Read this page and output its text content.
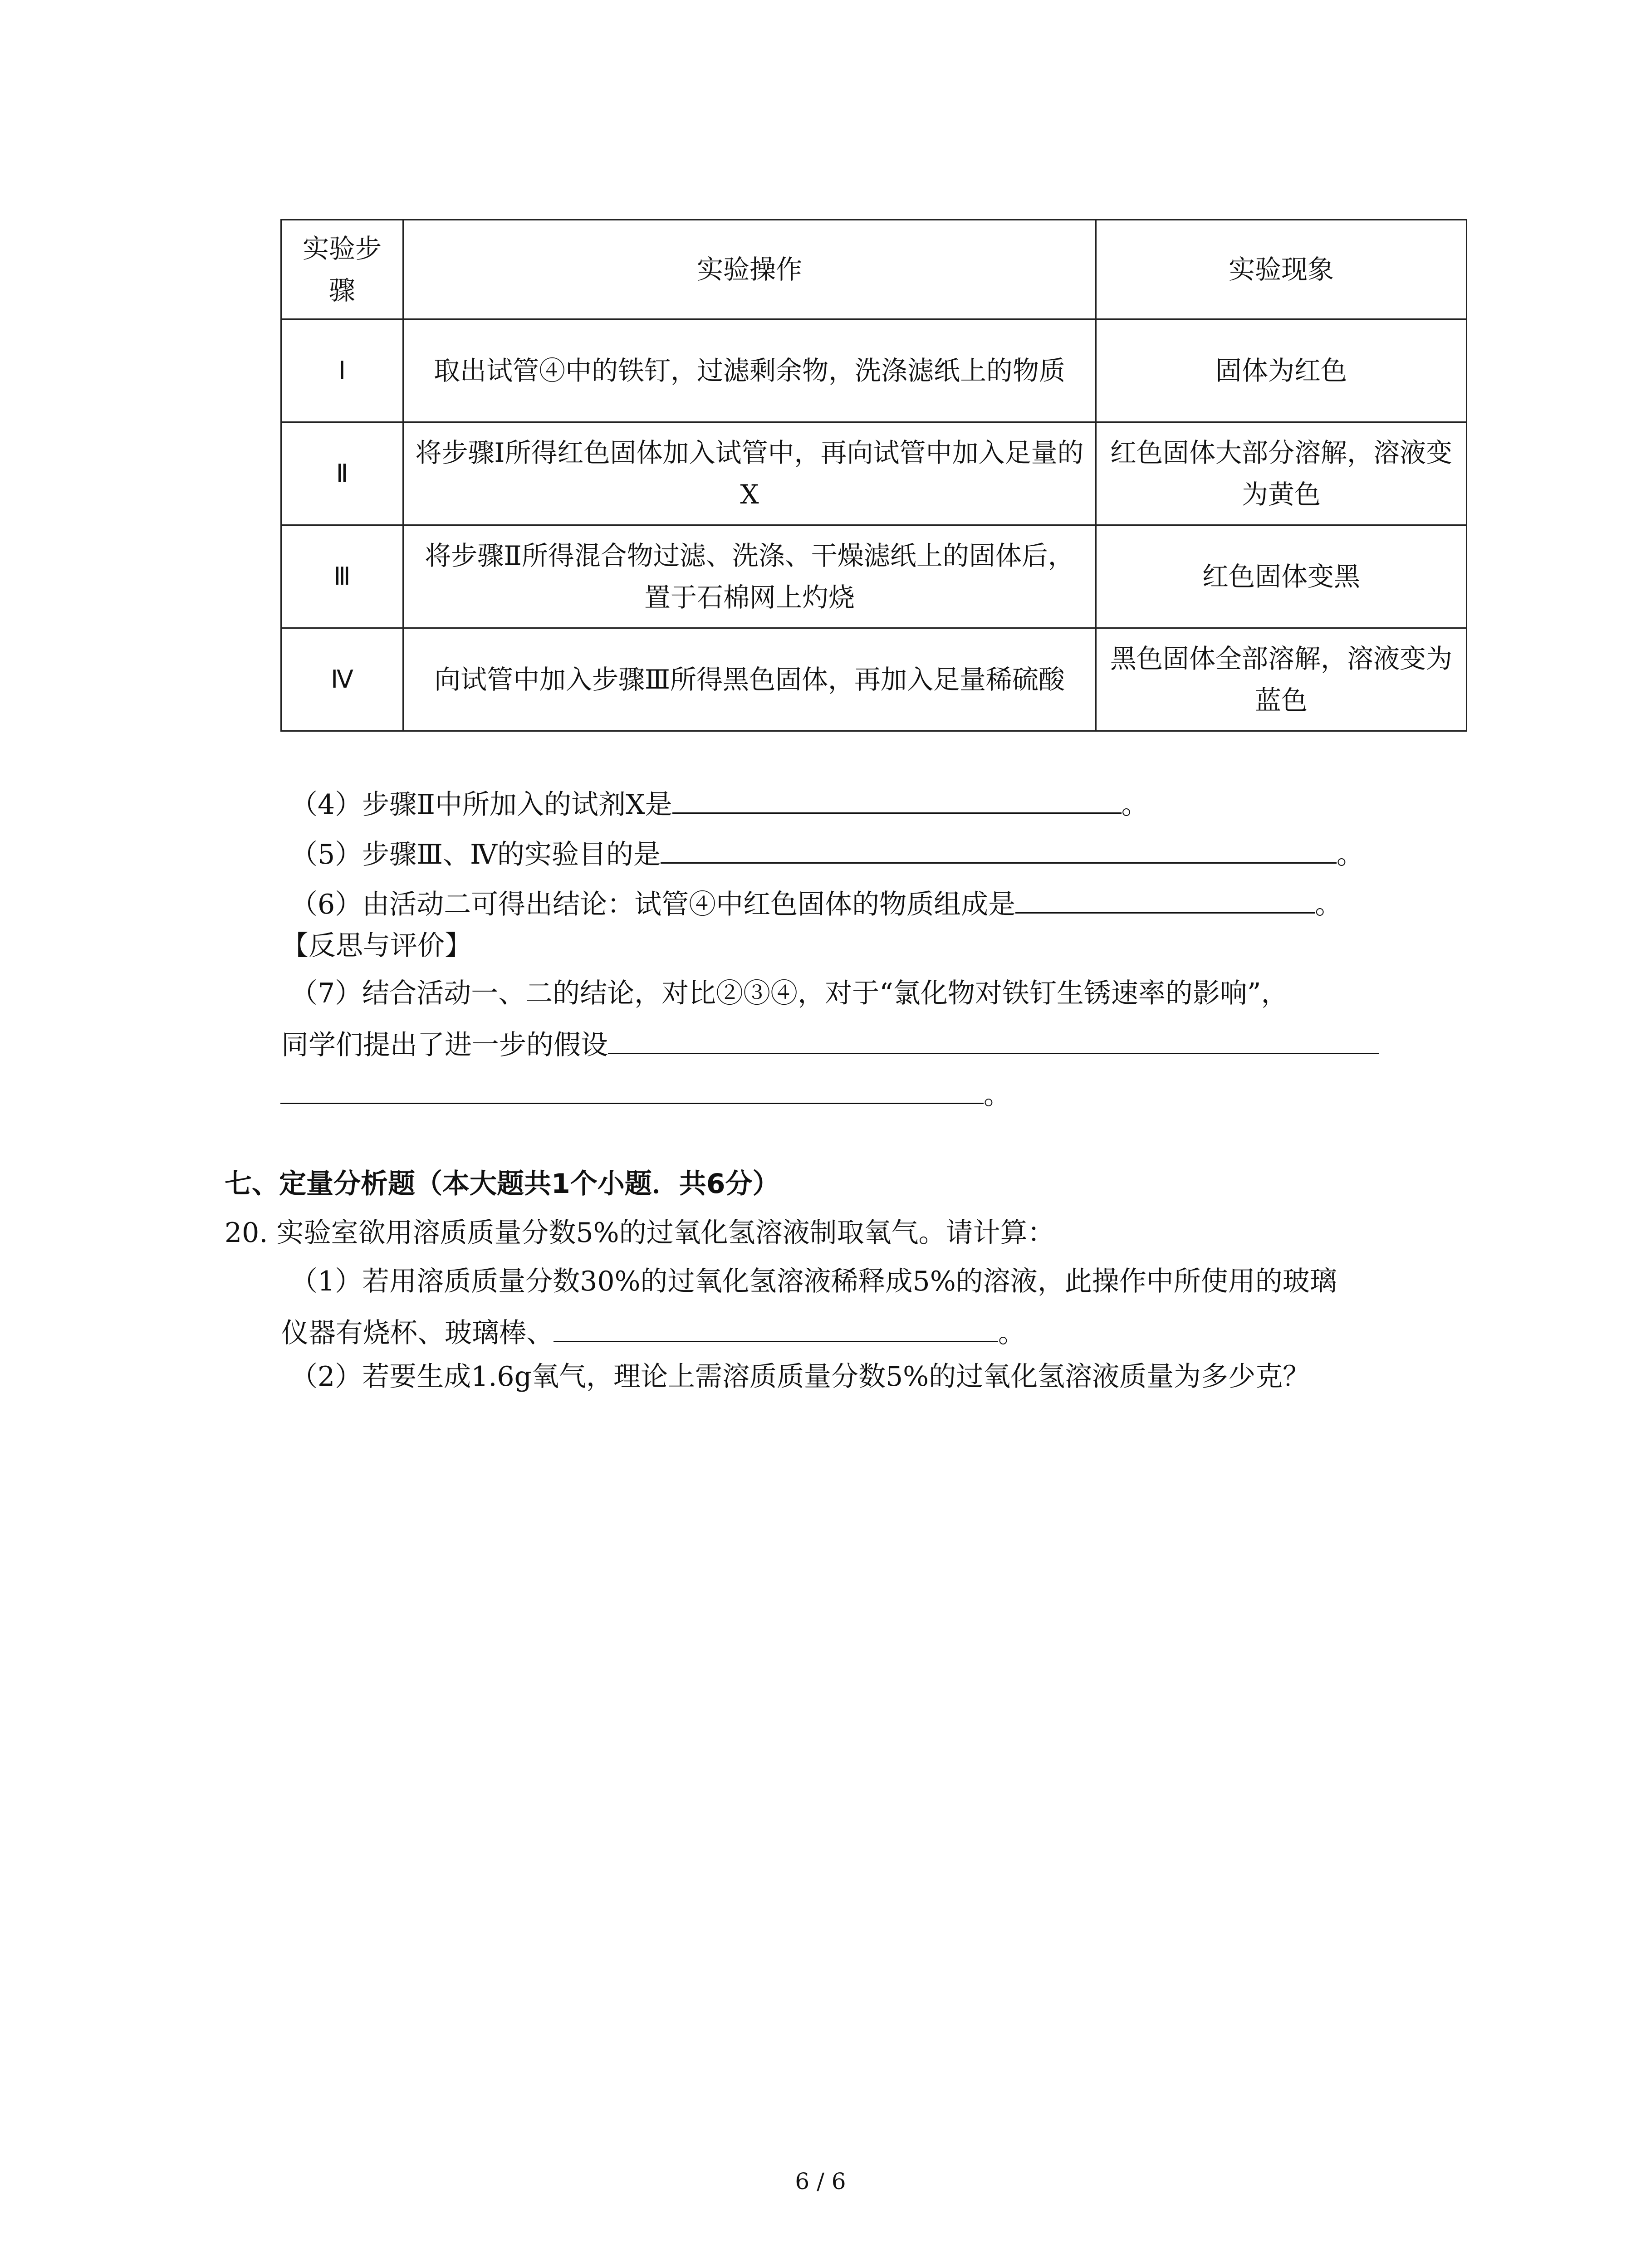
实验步骤	实验操作	实验现象
Ⅰ	取出试管④中的铁钉，过滤剩余物，洗涤滤纸上的物质	固体为红色
Ⅱ	将步骤Ⅰ所得红色固体加入试管中，再向试管中加入足量的X	红色固体大部分溶解，溶液变为黄色
Ⅲ	将步骤Ⅱ所得混合物过滤、洗涤、干燥滤纸上的固体后，置于石棉网上灼烧	红色固体变黑
Ⅳ	向试管中加入步骤Ⅲ所得黑色固体，再加入足量稀硫酸	黑色固体全部溶解，溶液变为蓝色
（4）步骤Ⅱ中所加入的试剂X是	。
（5）步骤Ⅲ、Ⅳ的实验目的是	。
（6）由活动二可得出结论：试管④中红色固体的物质组成是	。
【反思与评价】
（7）结合活动一、二的结论，对比②③④，对于“氯化物对铁钉生锈速率的影响”，
同学们提出了进一步的假设
。
七、定量分析题（本大题共1个小题．共6分）
20. 实验室欲用溶质质量分数5%的过氧化氢溶液制取氧气。请计算：
（1）若用溶质质量分数30%的过氧化氢溶液稀释成5%的溶液，此操作中所使用的玻璃
仪器有烧杯、玻璃棒、	。
（2）若要生成1.6g氧气，理论上需溶质质量分数5%的过氧化氢溶液质量为多少克？
6 / 6
